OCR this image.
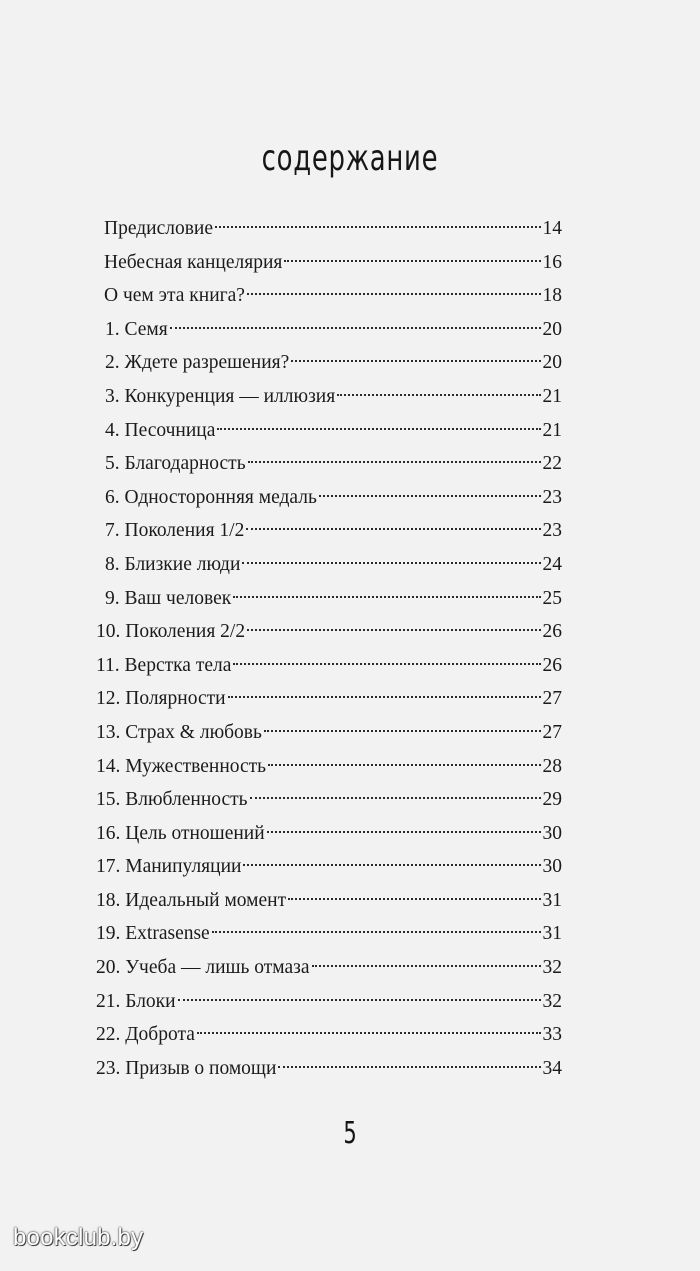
содержание
Предисловие	14
Небесная канцелярия	16
О чем эта книга?	18
1. Семя	20
2. Ждете разрешения?	20
3. Конкуренция — иллюзия	21
4. Песочница	21
5. Благодарность	22
6. Односторонняя медаль	23
7. Поколения 1/2	23
8. Близкие люди	24
9. Ваш человек	25
10. Поколения 2/2	26
11. Верстка тела	26
12. Полярности	27
13. Страх & любовь	27
14. Мужественность	28
15. Влюбленность	29
16. Цель отношений	30
17. Манипуляции	30
18. Идеальный момент	31
19. Extrasense	31
20. Учеба — лишь отмаза	32
21. Блоки	32
22. Доброта	33
23. Призыв о помощи	34
5
bookclub.by
